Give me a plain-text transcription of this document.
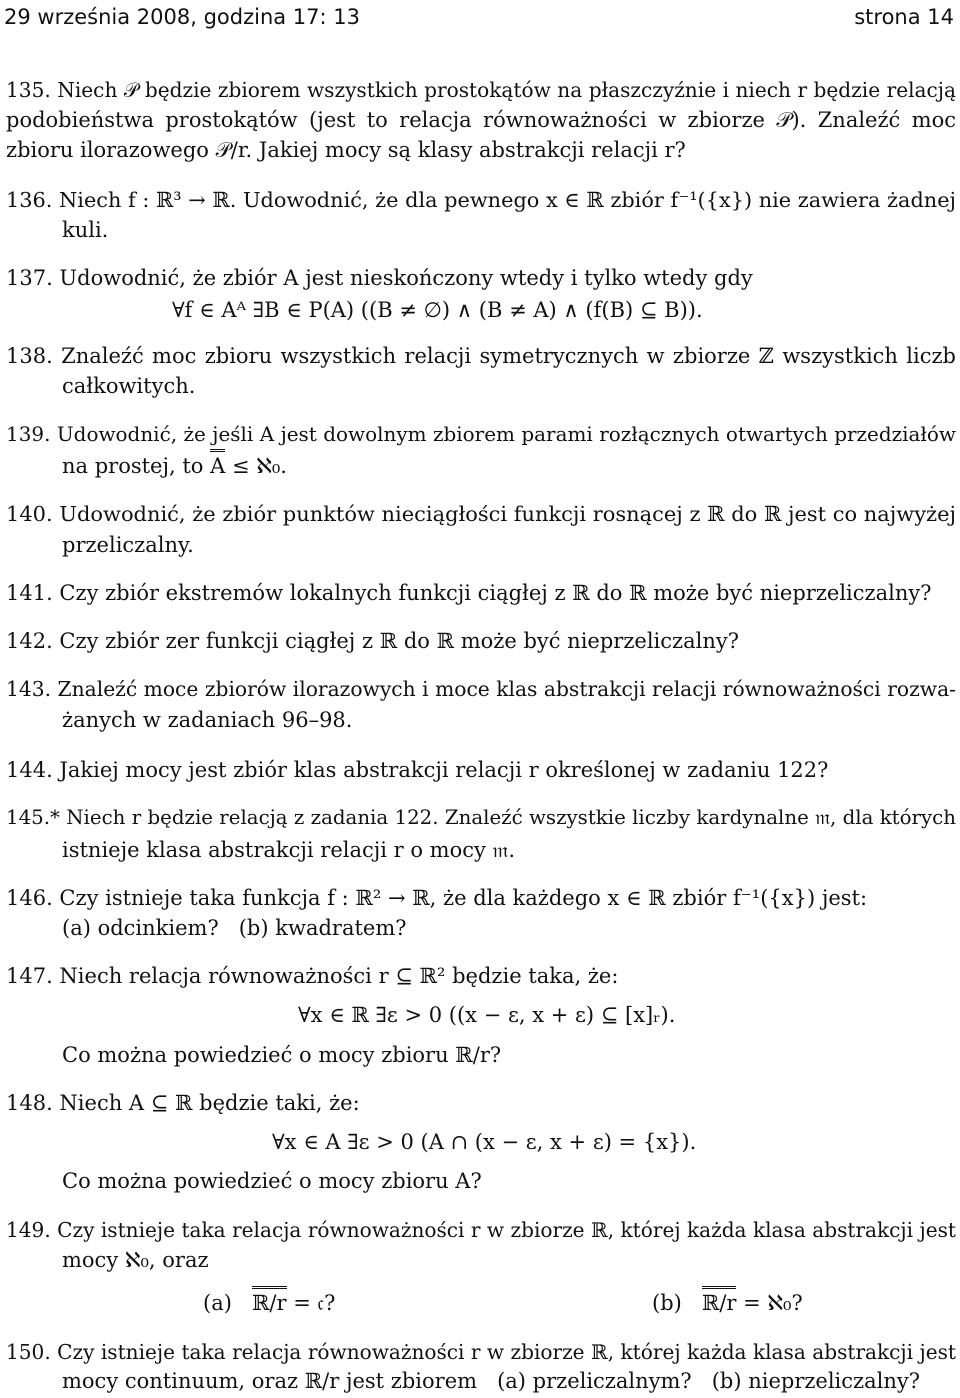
29 września 2008, godzina 17: 13	strona 14
135. Niech 𝒫 będzie zbiorem wszystkich prostokątów na płaszczyźnie i niech r będzie relacją
podobieństwa prostokątów (jest to relacja równoważności w zbiorze 𝒫). Znaleźć moc
zbioru ilorazowego 𝒫/r. Jakiej mocy są klasy abstrakcji relacji r?
136. Niech f : ℝ³ → ℝ. Udowodnić, że dla pewnego x ∈ ℝ zbiór f⁻¹({x}) nie zawiera żadnej
kuli.
137. Udowodnić, że zbiór A jest nieskończony wtedy i tylko wtedy gdy
∀f ∈ Aᴬ ∃B ∈ P(A) ((B ≠ ∅) ∧ (B ≠ A) ∧ (f(B) ⊆ B)).
138. Znaleźć moc zbioru wszystkich relacji symetrycznych w zbiorze ℤ wszystkich liczb
całkowitych.
139. Udowodnić, że jeśli A jest dowolnym zbiorem parami rozłącznych otwartych przedziałów
na prostej, to A ≤ ℵ₀.
140. Udowodnić, że zbiór punktów nieciągłości funkcji rosnącej z ℝ do ℝ jest co najwyżej
przeliczalny.
141. Czy zbiór ekstremów lokalnych funkcji ciągłej z ℝ do ℝ może być nieprzeliczalny?
142. Czy zbiór zer funkcji ciągłej z ℝ do ℝ może być nieprzeliczalny?
143. Znaleźć moce zbiorów ilorazowych i moce klas abstrakcji relacji równoważności rozwa-
żanych w zadaniach 96–98.
144. Jakiej mocy jest zbiór klas abstrakcji relacji r określonej w zadaniu 122?
145.* Niech r będzie relacją z zadania 122. Znaleźć wszystkie liczby kardynalne 𝔪, dla których
istnieje klasa abstrakcji relacji r o mocy 𝔪.
146. Czy istnieje taka funkcja f : ℝ² → ℝ, że dla każdego x ∈ ℝ zbiór f⁻¹({x}) jest:
(a) odcinkiem?   (b) kwadratem?
147. Niech relacja równoważności r ⊆ ℝ² będzie taka, że:
∀x ∈ ℝ ∃ε > 0 ((x − ε, x + ε) ⊆ [x]ᵣ).
Co można powiedzieć o mocy zbioru ℝ/r?
148. Niech A ⊆ ℝ będzie taki, że:
∀x ∈ A ∃ε > 0 (A ∩ (x − ε, x + ε) = {x}).
Co można powiedzieć o mocy zbioru A?
149. Czy istnieje taka relacja równoważności r w zbiorze ℝ, której każda klasa abstrakcji jest
mocy ℵ₀, oraz
(a) ℝ/r = 𝔠?	(b) ℝ/r = ℵ₀?
150. Czy istnieje taka relacja równoważności r w zbiorze ℝ, której każda klasa abstrakcji jest
mocy continuum, oraz ℝ/r jest zbiorem   (a) przeliczalnym?   (b) nieprzeliczalny?
